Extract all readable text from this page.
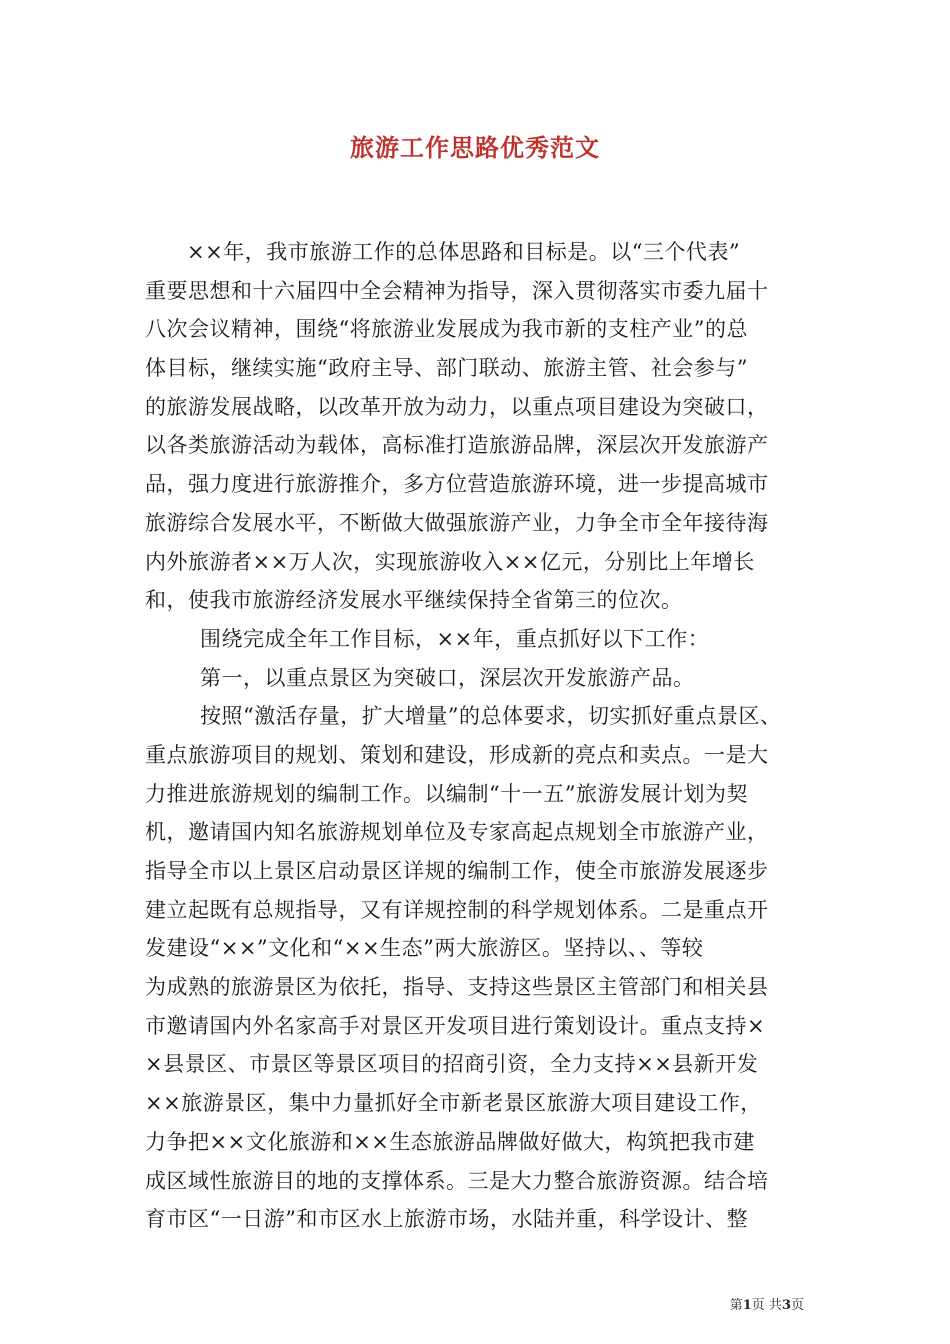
旅游工作思路优秀范文
××年，我市旅游工作的总体思路和目标是。以“三个代表”
重要思想和十六届四中全会精神为指导，深入贯彻落实市委九届十
八次会议精神，围绕“将旅游业发展成为我市新的支柱产业”的总
体目标，继续实施“政府主导、部门联动、旅游主管、社会参与”
的旅游发展战略，以改革开放为动力，以重点项目建设为突破口，
以各类旅游活动为载体，高标准打造旅游品牌，深层次开发旅游产
品，强力度进行旅游推介，多方位营造旅游环境，进一步提高城市
旅游综合发展水平，不断做大做强旅游产业，力争全市全年接待海
内外旅游者××万人次，实现旅游收入××亿元，分别比上年增长
和，使我市旅游经济发展水平继续保持全省第三的位次。
围绕完成全年工作目标，××年，重点抓好以下工作：
第一，以重点景区为突破口，深层次开发旅游产品。
按照“激活存量，扩大增量”的总体要求，切实抓好重点景区、
重点旅游项目的规划、策划和建设，形成新的亮点和卖点。一是大
力推进旅游规划的编制工作。以编制“十一五”旅游发展计划为契
机，邀请国内知名旅游规划单位及专家高起点规划全市旅游产业，
指导全市以上景区启动景区详规的编制工作，使全市旅游发展逐步
建立起既有总规指导，又有详规控制的科学规划体系。二是重点开
发建设“××”文化和“××生态”两大旅游区。坚持以、、等较
为成熟的旅游景区为依托，指导、支持这些景区主管部门和相关县
市邀请国内外名家高手对景区开发项目进行策划设计。重点支持×
×县景区、市景区等景区项目的招商引资，全力支持××县新开发
××旅游景区，集中力量抓好全市新老景区旅游大项目建设工作，
力争把××文化旅游和××生态旅游品牌做好做大，构筑把我市建
成区域性旅游目的地的支撑体系。三是大力整合旅游资源。结合培
育市区“一日游”和市区水上旅游市场，水陆并重，科学设计、整
第1页 共3页
